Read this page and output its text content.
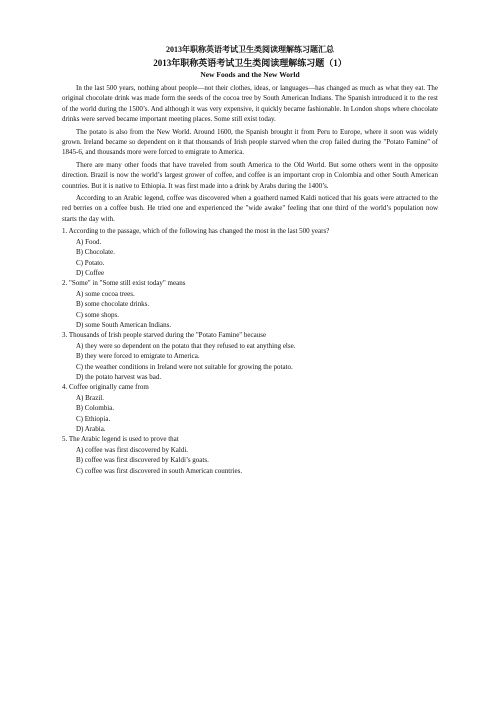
2013年职称英语考试卫生类阅读理解练习题汇总

2013年职称英语考试卫生类阅读理解练习题（1）

New Foods and the New World

In the last 500 years, nothing about people—not their clothes, ideas, or languages—has changed as much as what they eat. The original chocolate drink was made form the seeds of the cocoa tree by South American Indians. The Spanish introduced it to the rest of the world during the 1500’s. And although it was very expensive, it quickly became fashionable. In London shops where chocolate drinks were served became important meeting places. Some still exist today.

The potato is also from the New World. Around 1600, the Spanish brought it from Peru to Europe, where it soon was widely grown. Ireland became so dependent on it that thousands of Irish people starved when the crop failed during the "Potato Famine" of 1845-6, and thousands more were forced to emigrate to America.

There are many other foods that have traveled from south America to the Old World. But some others went in the opposite direction. Brazil is now the world’s largest grower of coffee, and coffee is an important crop in Colombia and other South American countries. But it is native to Ethiopia. It was first made into a drink by Arabs during the 1400’s.

According to an Arabic legend, coffee was discovered when a goatherd named Kaldi noticed that his goats were attracted to the red berries on a coffee bush. He tried one and experienced the "wide awake" feeling that one third of the world’s population now starts the day with.

1. According to the passage, which of the following has changed the most in the last 500 years?

A) Food.

B) Chocolate.

C) Potato.

D) Coffee

2. "Some" in "Some still exist today" means

A) some cocoa trees.

B) some chocolate drinks.

C) some shops.

D) some South American Indians.

3. Thousands of Irish people starved during the "Potato Famine" because

A) they were so dependent on the potato that they refused to eat anything else.

B) they were forced to emigrate to America.

C) the weather conditions in Ireland were not suitable for growing the potato.

D) the potato harvest was bad.

4. Coffee originally came from

A) Brazil.

B) Colombia.

C) Ethiopia.

D) Arabia.

5. The Arabic legend is used to prove that

A) coffee was first discovered by Kaldi.

B) coffee was first discovered by Kaldi’s goats.

C) coffee was first discovered in south American countries.
